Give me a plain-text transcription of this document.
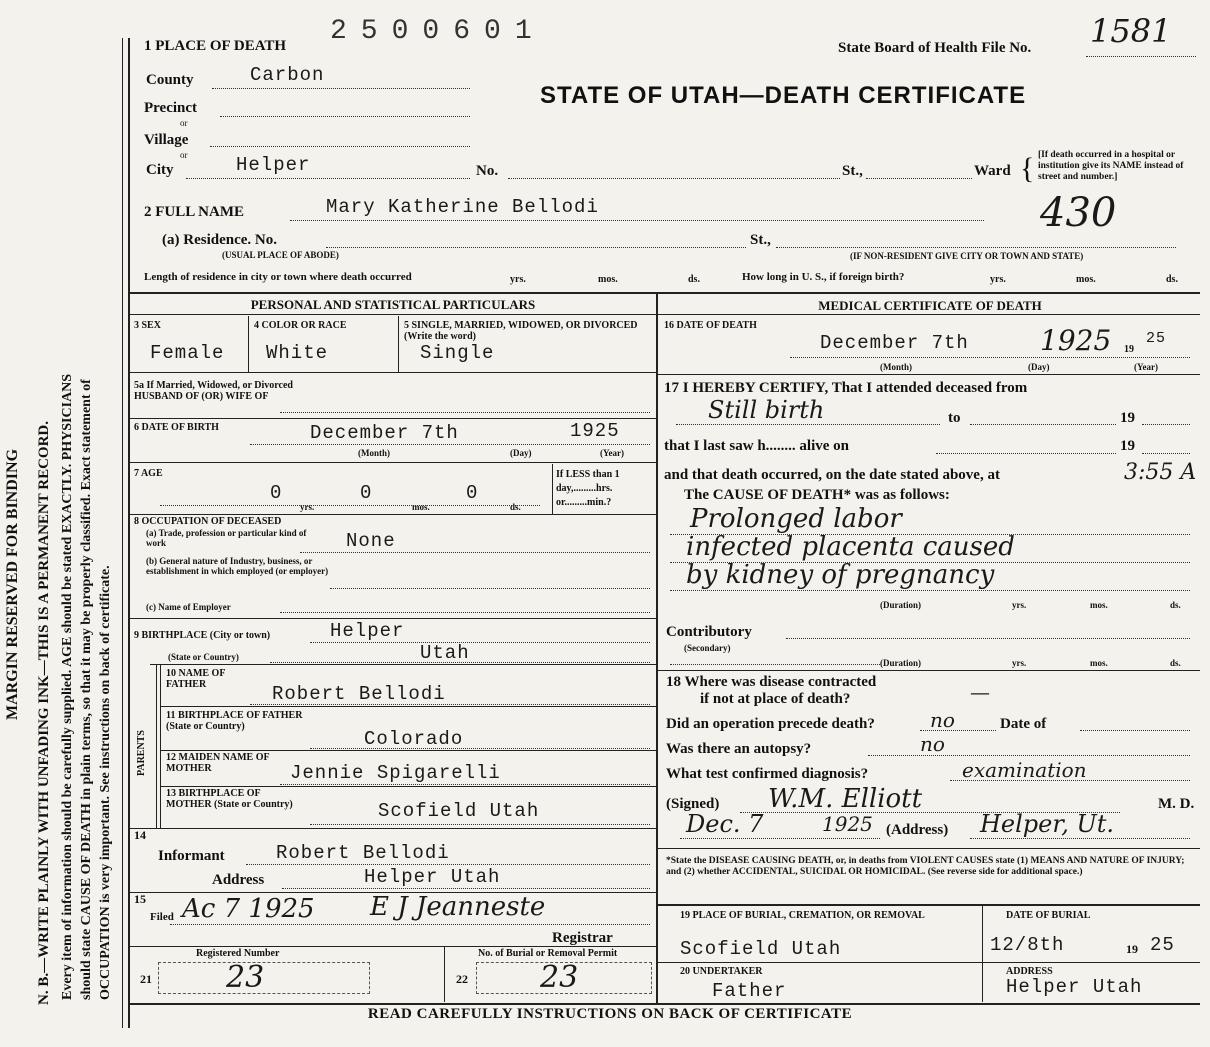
MARGIN RESERVED FOR BINDING N. B.—WRITE PLAINLY WITH UNFADING INK—THIS IS A PERMANENT RECORD. Every item of information should be carefully supplied. AGE should be stated EXACTLY. PHYSICIANS should state CAUSE OF DEATH in plain terms, so that it may be properly classified. Exact statement of OCCUPATION is very important. See instructions on back of certificate.
1 PLACE OF DEATH 2500601
State Board of Health File No. 1581
STATE OF UTAH—DEATH CERTIFICATE
County	Carbon
Precinct
or
Village
or
City	Helper	No.	St.,	Ward { [If death occurred in a hospital or institution give its NAME instead of street and number.]
430
2 FULL NAME	Mary Katherine Bellodi
(a) Residence. No.
(USUAL PLACE OF ABODE)
St.,
(IF NON-RESIDENT GIVE CITY OR TOWN AND STATE)
Length of residence in city or town where death occurred	yrs.	mos.	ds.	How long in U. S., if foreign birth?	yrs.	mos.	ds.
PERSONAL AND STATISTICAL PARTICULARS
3 SEX
Female
4 COLOR OR RACE
White
5 SINGLE, MARRIED, WIDOWED, OR DIVORCED (Write the word)
Single
5a If Married, Widowed, or Divorced HUSBAND OF (OR) WIFE OF
6 DATE OF BIRTH	December 7th	1925
(Month)	(Day)	(Year)
7 AGE
0
yrs.
0
mos.
0
ds.
If LESS than 1 day,.........hrs. or.........min.?
8 OCCUPATION OF DECEASED
(a) Trade, profession or particular kind of work	None
(b) General nature of Industry, business, or establishment in which employed (or employer)
(c) Name of Employer
9 BIRTHPLACE (City or town)	Helper
(State or Country)	Utah
PARENTS
10 NAME OF FATHER	Robert Bellodi
11 BIRTHPLACE OF FATHER (State or Country)
Colorado
12 MAIDEN NAME OF MOTHER	Jennie Spigarelli
13 BIRTHPLACE OF MOTHER (State or Country)	Scofield Utah
14
Informant	Robert Bellodi
Address	Helper Utah
15
Filed Ac 7 1925 E J Jeanneste
Registrar
Registered Number
21 23
No. of Burial or Removal Permit
22 23
MEDICAL CERTIFICATE OF DEATH
16 DATE OF DEATH
December 7th	1925 19
25
(Month)	(Day)	(Year)
17 I HEREBY CERTIFY, That I attended deceased from
Still birth	to	19
that I last saw h........ alive on	19
and that death occurred, on the date stated above, at	3:55 A
The CAUSE OF DEATH* was as follows:
Prolonged labor
infected placenta caused
by kidney of pregnancy
(Duration)	yrs.	mos.	ds.
Contributory
(Secondary)
(Duration)	yrs.	mos.	ds.
18 Where was disease contracted
if not at place of death?	—
Did an operation precede death?	no	Date of
Was there an autopsy?	no
What test confirmed diagnosis?	examination
(Signed) W.M. Elliott	M. D.
Dec. 7	1925 (Address) Helper, Ut.
*State the DISEASE CAUSING DEATH, or, in deaths from VIOLENT CAUSES state (1) MEANS AND NATURE OF INJURY; and (2) whether ACCIDENTAL, SUICIDAL OR HOMICIDAL. (See reverse side for additional space.)
19 PLACE OF BURIAL, CREMATION, OR REMOVAL
Scofield Utah
DATE OF BURIAL
12/8th	19 25
20 UNDERTAKER
Father
ADDRESS
Helper Utah
READ CAREFULLY INSTRUCTIONS ON BACK OF CERTIFICATE
